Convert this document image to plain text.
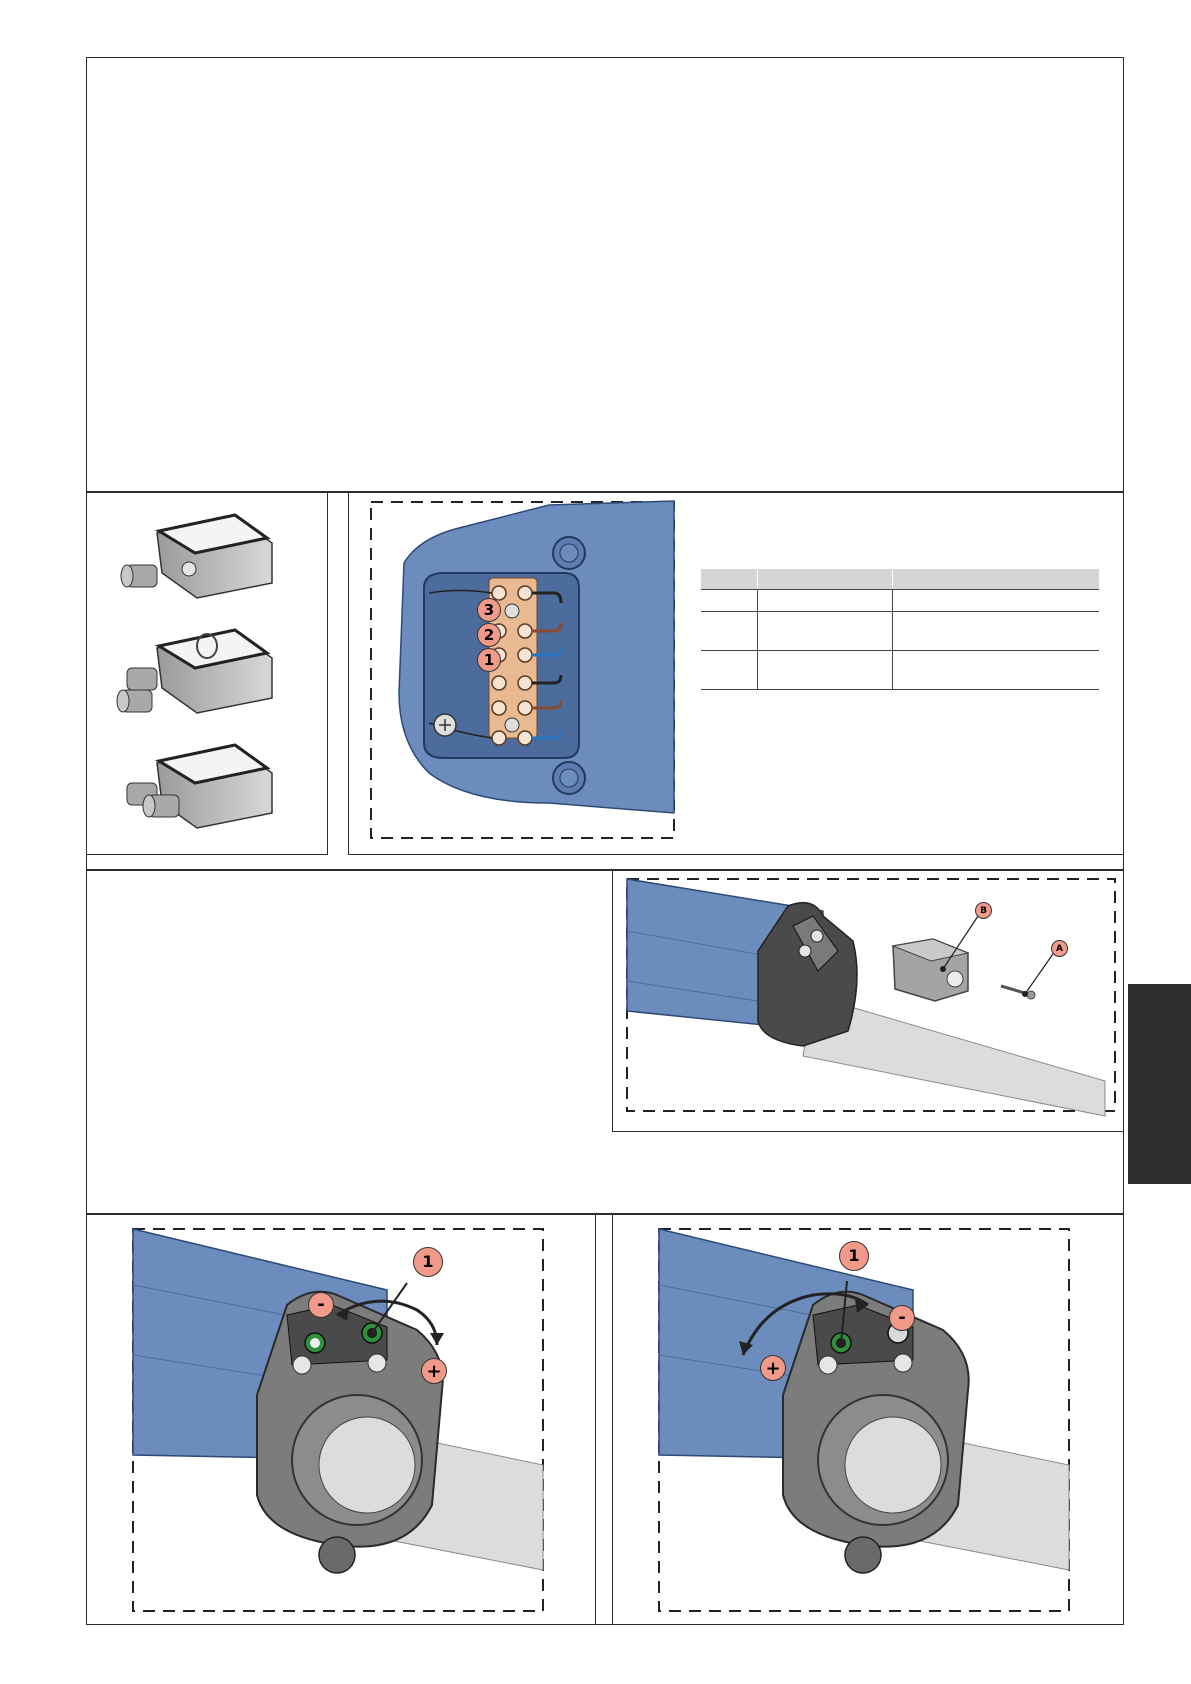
3
2
1

B
A
1
-
+
1
-
+
